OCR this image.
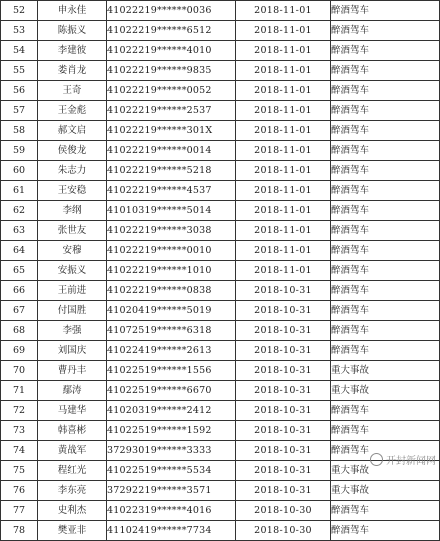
52	申永佳	41022219******0036	2018-11-01	醉酒驾车
53	陈振义	41022219******6512	2018-11-01	醉酒驾车
54	李建彼	41022219******4010	2018-11-01	醉酒驾车
55	娄肖龙	41022219******9835	2018-11-01	醉酒驾车
56	王奇	41022219******0052	2018-11-01	醉酒驾车
57	王金彪	41022219******2537	2018-11-01	醉酒驾车
58	郝文启	41022219******301X	2018-11-01	醉酒驾车
59	侯俊龙	41022219******0014	2018-11-01	醉酒驾车
60	朱志力	41022219******5218	2018-11-01	醉酒驾车
61	王安稳	41022219******4537	2018-11-01	醉酒驾车
62	李纲	41010319******5014	2018-11-01	醉酒驾车
63	张世友	41022219******3038	2018-11-01	醉酒驾车
64	安穆	41022219******0010	2018-11-01	醉酒驾车
65	安振义	41022219******1010	2018-11-01	醉酒驾车
66	王前进	41022219******0838	2018-10-31	醉酒驾车
67	付国胜	41020419******5019	2018-10-31	醉酒驾车
68	李强	41072519******6318	2018-10-31	醉酒驾车
69	刘国庆	41022419******2613	2018-10-31	醉酒驾车
70	曹丹丰	41022519******1556	2018-10-31	重大事故
71	鄢涛	41022519******6670	2018-10-31	重大事故
72	马建华	41020319******2412	2018-10-31	醉酒驾车
73	韩喜彬	41022519******1592	2018-10-31	醉酒驾车
74	黄战军	37293019******3333	2018-10-31	醉酒驾车
75	程红光	41022519******5534	2018-10-31	重大事故
76	李东亮	37292219******3571	2018-10-31	重大事故
77	史利杰	41022319******4016	2018-10-30	醉酒驾车
78	樊亚非	41102419******7734	2018-10-30	醉酒驾车
开封新闻网
